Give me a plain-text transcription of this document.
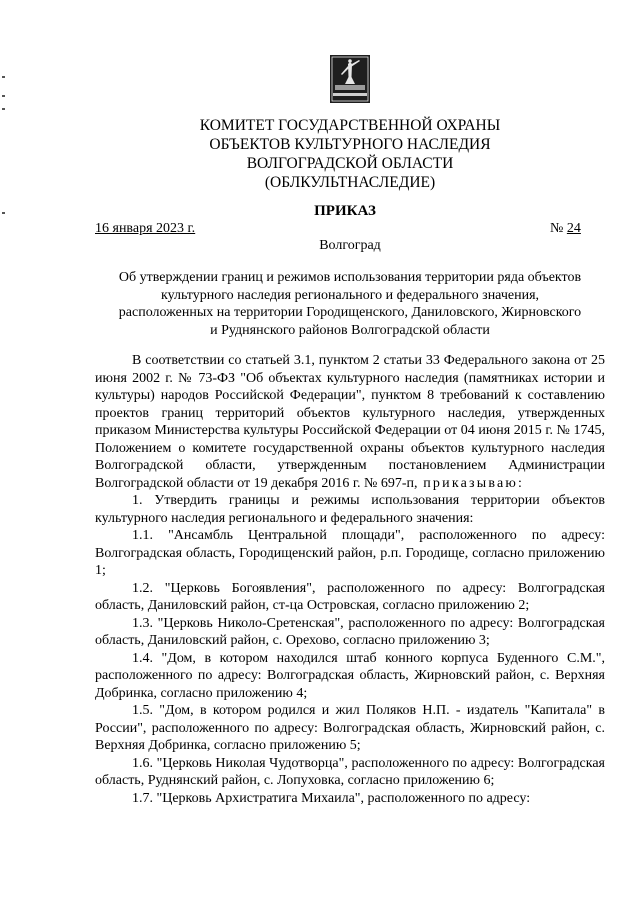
КОМИТЕТ ГОСУДАРСТВЕННОЙ ОХРАНЫ
ОБЪЕКТОВ КУЛЬТУРНОГО НАСЛЕДИЯ
ВОЛГОГРАДСКОЙ ОБЛАСТИ
(ОБЛКУЛЬТНАСЛЕДИЕ)
ПРИКАЗ
16 января 2023 г.	№ 24
Волгоград
Об утверждении границ и режимов использования территории ряда объектов
культурного наследия регионального и федерального значения,
расположенных на территории Городищенского, Даниловского, Жирновского
и Руднянского районов Волгоградской области

В соответствии со статьей 3.1, пунктом 2 статьи 33 Федерального закона от 25 июня 2002 г. № 73-ФЗ "Об объектах культурного наследия (памятниках истории и культуры) народов Российской Федерации", пунктом 8 требований к составлению проектов границ территорий объектов культурного наследия, утвержденных приказом Министерства культуры Российской Федерации от 04 июня 2015 г. № 1745, Положением о комитете государственной охраны объектов культурного наследия Волгоградской области, утвержденным постановлением Администрации Волгоградской области от 19 декабря 2016 г. № 697-п, приказываю:

1. Утвердить границы и режимы использования территории объектов культурного наследия регионального и федерального значения:

1.1. "Ансамбль Центральной площади", расположенного по адресу: Волгоградская область, Городищенский район, р.п. Городище, согласно приложению 1;

1.2. "Церковь Богоявления", расположенного по адресу: Волгоградская область, Даниловский район, ст-ца Островская, согласно приложению 2;

1.3. "Церковь Николо-Сретенская", расположенного по адресу: Волгоградская область, Даниловский район, с. Орехово, согласно приложению 3;

1.4. "Дом, в котором находился штаб конного корпуса Буденного С.М.", расположенного по адресу: Волгоградская область, Жирновский район, с. Верхняя Добринка, согласно приложению 4;

1.5. "Дом, в котором родился и жил Поляков Н.П. - издатель "Капитала" в России", расположенного по адресу: Волгоградская область, Жирновский район, с. Верхняя Добринка, согласно приложению 5;

1.6. "Церковь Николая Чудотворца", расположенного по адресу: Волгоградская область, Руднянский район, с. Лопуховка, согласно приложению 6;

1.7. "Церковь Архистратига Михаила", расположенного по адресу:
